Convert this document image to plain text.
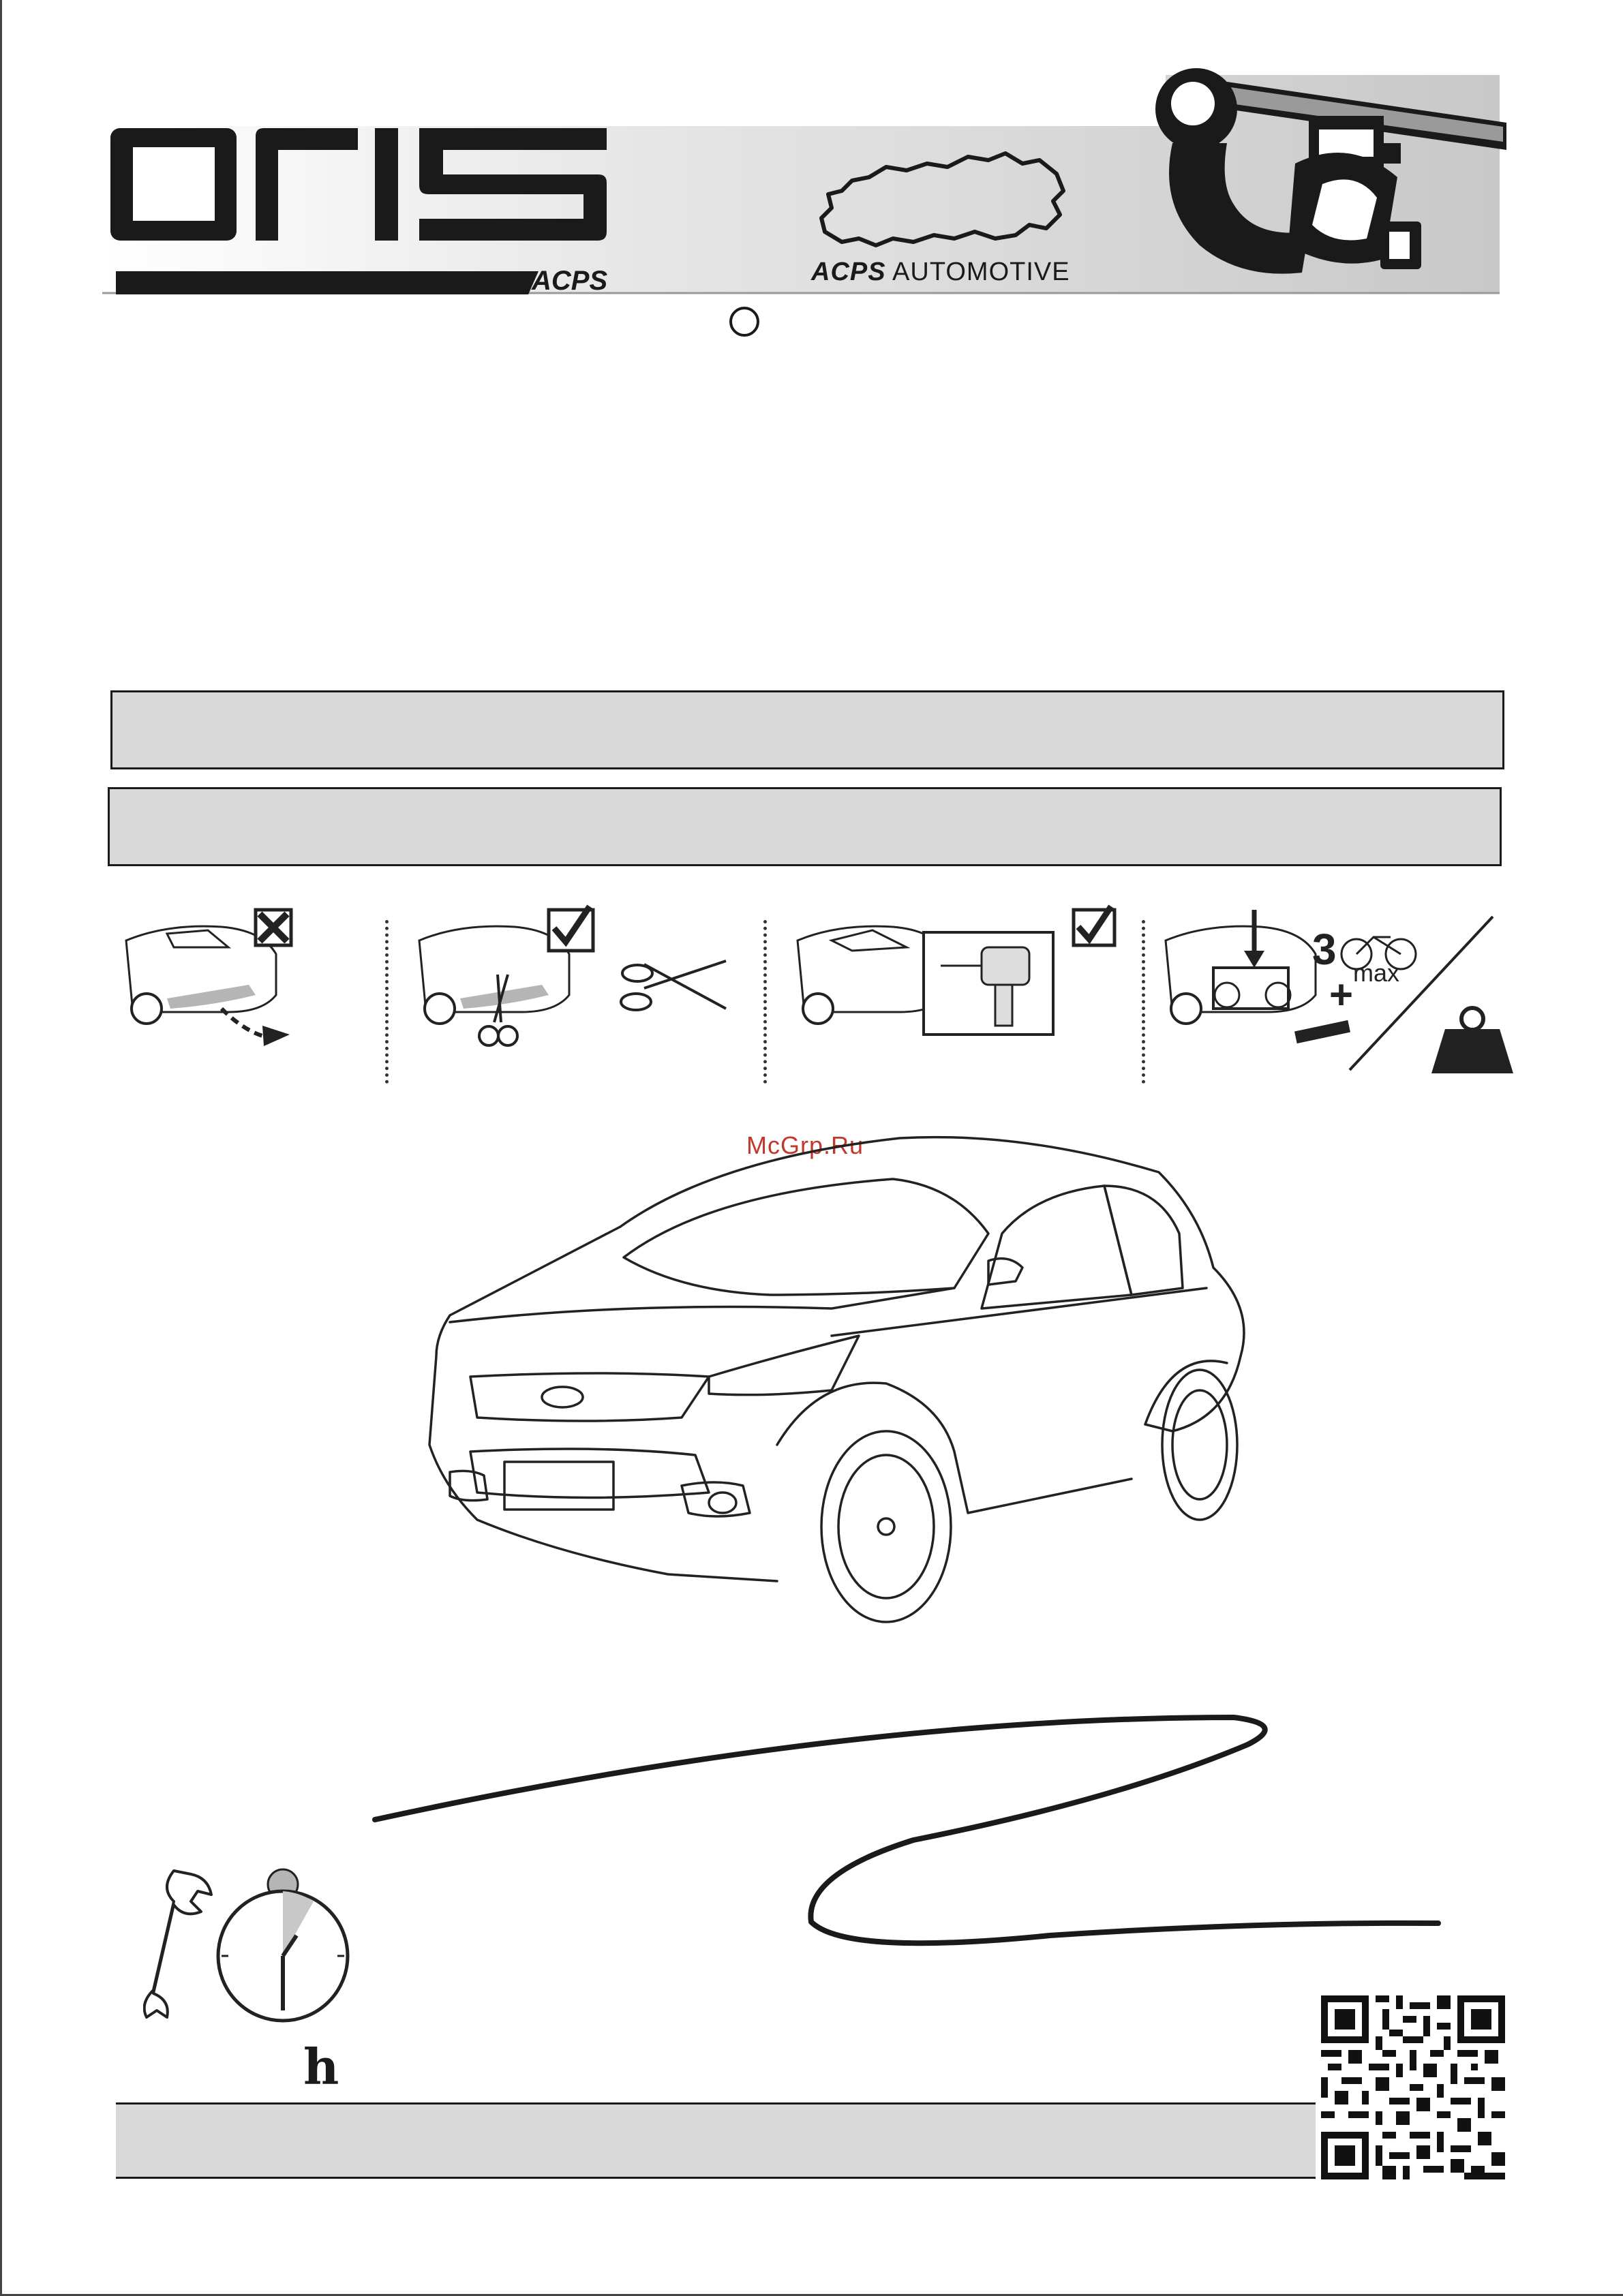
ACPS	ACPS AUTOMOTIVE
3 max
+
McGrp.Ru
h
